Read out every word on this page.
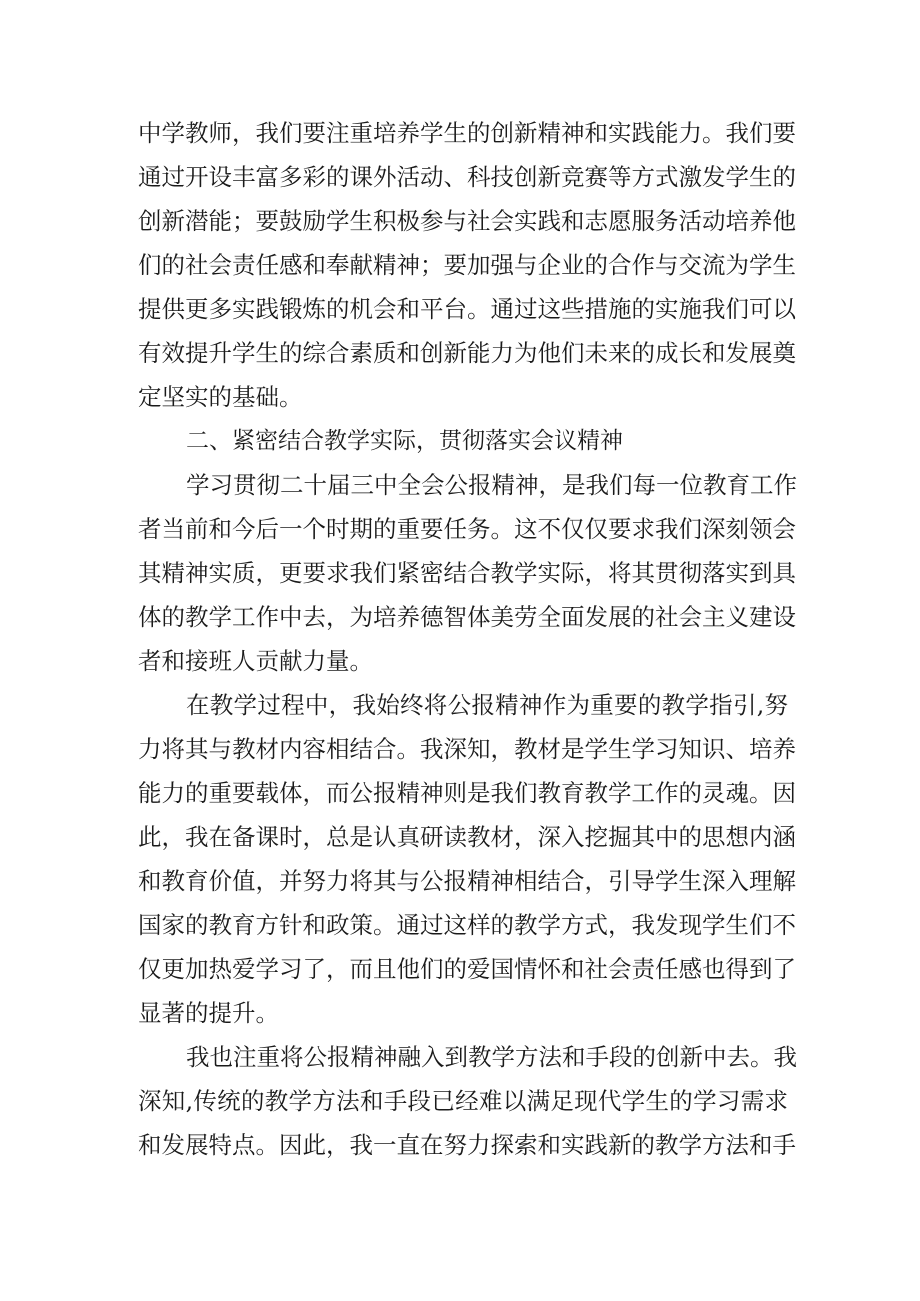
中学教师，我们要注重培养学生的创新精神和实践能力。我们要
通过开设丰富多彩的课外活动、科技创新竞赛等方式激发学生的
创新潜能；要鼓励学生积极参与社会实践和志愿服务活动培养他
们的社会责任感和奉献精神；要加强与企业的合作与交流为学生
提供更多实践锻炼的机会和平台。通过这些措施的实施我们可以
有效提升学生的综合素质和创新能力为他们未来的成长和发展奠
定坚实的基础。
二、紧密结合教学实际，贯彻落实会议精神
学习贯彻二十届三中全会公报精神，是我们每一位教育工作
者当前和今后一个时期的重要任务。这不仅仅要求我们深刻领会
其精神实质，更要求我们紧密结合教学实际，将其贯彻落实到具
体的教学工作中去，为培养德智体美劳全面发展的社会主义建设
者和接班人贡献力量。
在教学过程中，我始终将公报精神作为重要的教学指引,努
力将其与教材内容相结合。我深知，教材是学生学习知识、培养
能力的重要载体，而公报精神则是我们教育教学工作的灵魂。因
此，我在备课时，总是认真研读教材，深入挖掘其中的思想内涵
和教育价值，并努力将其与公报精神相结合，引导学生深入理解
国家的教育方针和政策。通过这样的教学方式，我发现学生们不
仅更加热爱学习了，而且他们的爱国情怀和社会责任感也得到了
显著的提升。
我也注重将公报精神融入到教学方法和手段的创新中去。我
深知,传统的教学方法和手段已经难以满足现代学生的学习需求
和发展特点。因此，我一直在努力探索和实践新的教学方法和手
